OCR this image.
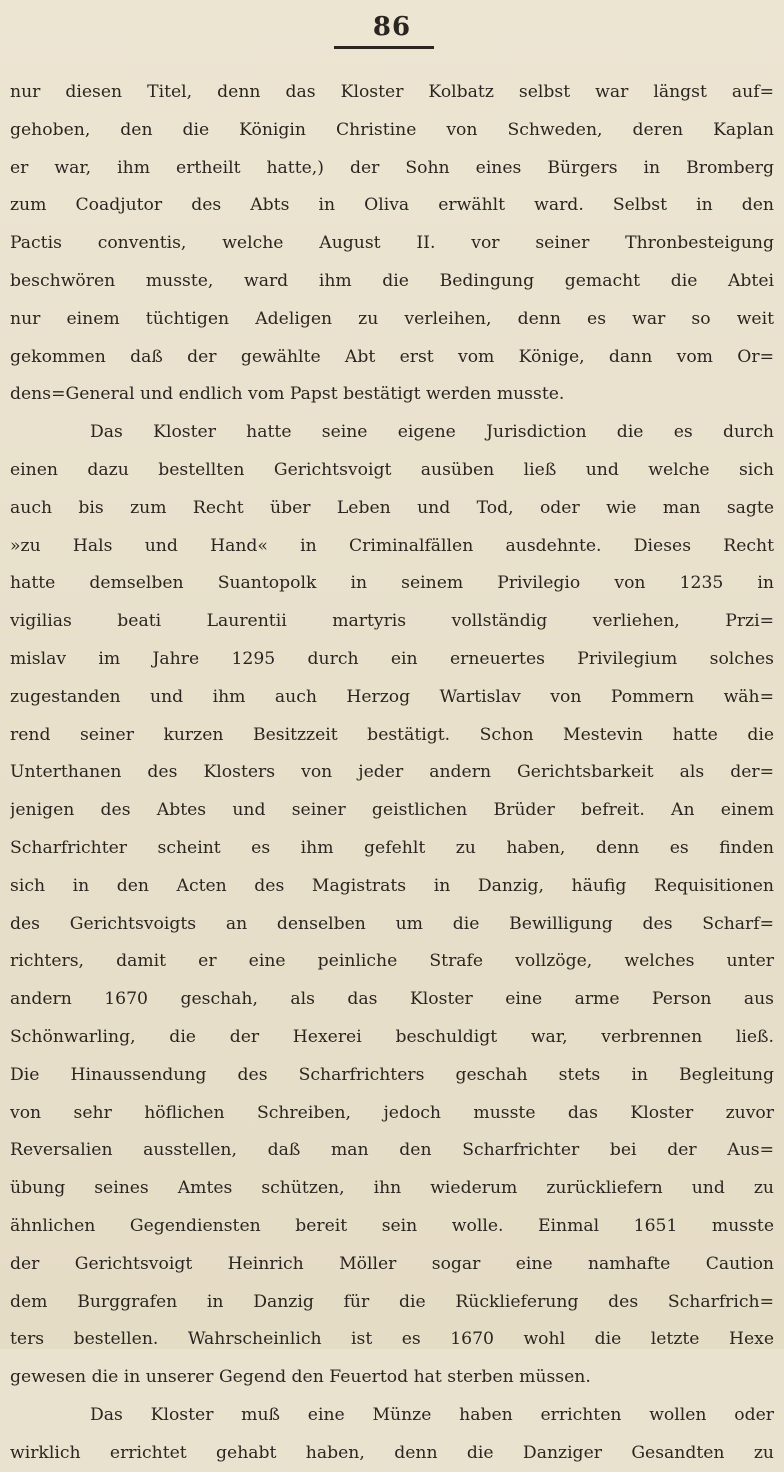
86
nur diesen Titel, denn das Kloster Kolbatz selbst war längst auf=
gehoben, den die Königin Christine von Schweden, deren Kaplan
er war, ihm ertheilt hatte,) der Sohn eines Bürgers in Bromberg
zum Coadjutor des Abts in Oliva erwählt ward. Selbst in den
Pactis conventis, welche August II. vor seiner Thronbesteigung
beschwören musste, ward ihm die Bedingung gemacht die Abtei
nur einem tüchtigen Adeligen zu verleihen, denn es war so weit
gekommen daß der gewählte Abt erst vom Könige, dann vom Or=
dens=General und endlich vom Papst bestätigt werden musste.
Das Kloster hatte seine eigene Jurisdiction die es durch
einen dazu bestellten Gerichtsvoigt ausüben ließ und welche sich
auch bis zum Recht über Leben und Tod, oder wie man sagte
»zu Hals und Hand« in Criminalfällen ausdehnte. Dieses Recht
hatte demselben Suantopolk in seinem Privilegio von 1235 in
vigilias beati Laurentii martyris vollständig verliehen, Przi=
mislav im Jahre 1295 durch ein erneuertes Privilegium solches
zugestanden und ihm auch Herzog Wartislav von Pommern wäh=
rend seiner kurzen Besitzzeit bestätigt. Schon Mestevin hatte die
Unterthanen des Klosters von jeder andern Gerichtsbarkeit als der=
jenigen des Abtes und seiner geistlichen Brüder befreit. An einem
Scharfrichter scheint es ihm gefehlt zu haben, denn es finden
sich in den Acten des Magistrats in Danzig, häufig Requisitionen
des Gerichtsvoigts an denselben um die Bewilligung des Scharf=
richters, damit er eine peinliche Strafe vollzöge, welches unter
andern 1670 geschah, als das Kloster eine arme Person aus
Schönwarling, die der Hexerei beschuldigt war, verbrennen ließ.
Die Hinaussendung des Scharfrichters geschah stets in Begleitung
von sehr höflichen Schreiben, jedoch musste das Kloster zuvor
Reversalien ausstellen, daß man den Scharfrichter bei der Aus=
übung seines Amtes schützen, ihn wiederum zurückliefern und zu
ähnlichen Gegendiensten bereit sein wolle. Einmal 1651 musste
der Gerichtsvoigt Heinrich Möller sogar eine namhafte Caution
dem Burggrafen in Danzig für die Rücklieferung des Scharfrich=
ters bestellen. Wahrscheinlich ist es 1670 wohl die letzte Hexe
gewesen die in unserer Gegend den Feuertod hat sterben müssen.
Das Kloster muß eine Münze haben errichten wollen oder
wirklich errichtet gehabt haben, denn die Danziger Gesandten zu
